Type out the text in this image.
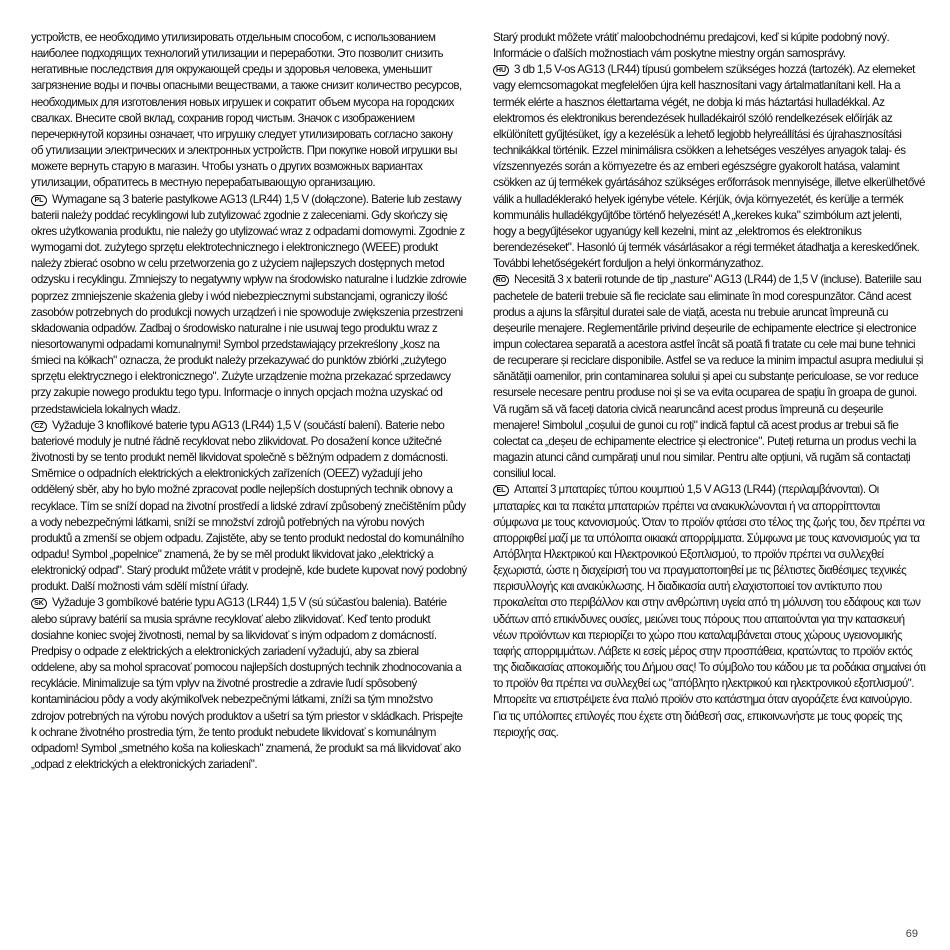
устройств, ее необходимо утилизировать отдельным способом, с использованием наиболее подходящих технологий утилизации и переработки. Это позволит снизить негативные последствия для окружающей среды и здоровья человека, уменьшит загрязнение воды и почвы опасными веществами, а также снизит количество ресурсов, необходимых для изготовления новых игрушек и сократит объем мусора на городских свалках. Внесите свой вклад, сохранив город чистым. Значок с изображением перечеркнутой корзины означает, что игрушку следует утилизировать согласно закону об утилизации электрических и электронных устройств. При покупке новой игрушки вы можете вернуть старую в магазин. Чтобы узнать о других возможных вариантах утилизации, обратитесь в местную перерабатывающую организацию.
PL Wymagane są 3 baterie pastylkowe AG13 (LR44) 1,5 V (dołączone). Baterie lub zestawy baterii należy poddać recyklingowi lub zutylizować zgodnie z zaleceniami. Gdy skończy się okres użytkowania produktu, nie należy go utylizować wraz z odpadami domowymi. Zgodnie z wymogami dot. zużytego sprzętu elektrotechnicznego i elektronicznego (WEEE) produkt należy zbierać osobno w celu przetworzenia go z użyciem najlepszych dostępnych metod odzysku i recyklingu. Zmniejszy to negatywny wpływ na środowisko naturalne i ludzkie zdrowie poprzez zmniejszenie skażenia gleby i wód niebezpiecznymi substancjami, ograniczy ilość zasobów potrzebnych do produkcji nowych urządzeń i nie spowoduje zwiększenia przestrzeni składowania odpadów. Zadbaj o środowisko naturalne i nie usuwaj tego produktu wraz z niesortowanymi odpadami komunalnymi! Symbol przedstawiający przekreślony „kosz na śmieci na kółkach" oznacza, że produkt należy przekazywać do punktów zbiórki „zużytego sprzętu elektrycznego i elektronicznego". Zużyte urządzenie można przekazać sprzedawcy przy zakupie nowego produktu tego typu. Informacje o innych opcjach można uzyskać od przedstawiciela lokalnych władz.
CZ Vyžaduje 3 knoflíkové baterie typu AG13 (LR44) 1,5 V (součástí balení). Baterie nebo bateriové moduly je nutné řádně recyklovat nebo zlikvidovat. Po dosažení konce užitečné životnosti by se tento produkt neměl likvidovat společně s běžným odpadem z domácnosti. Směrnice o odpadních elektrických a elektronických zařízeních (OEEZ) vyžadují jeho oddělený sběr, aby ho bylo možné zpracovat podle nejlepších dostupných technik obnovy a recyklace. Tím se sníží dopad na životní prostředí a lidské zdraví způsobený znečištěním půdy a vody nebezpečnými látkami, sníží se množství zdrojů potřebných na výrobu nových produktů a zmenší se objem odpadu. Zajistěte, aby se tento produkt nedostal do komunálního odpadu! Symbol „popelnice" znamená, že by se měl produkt likvidovat jako „elektrický a elektronický odpad". Starý produkt můžete vrátit v prodejně, kde budete kupovat nový podobný produkt. Další možnosti vám sdělí místní úřady.
SK Vyžaduje 3 gombíkové batérie typu AG13 (LR44) 1,5 V (sú súčasťou balenia). Batérie alebo súpravy batérií sa musia správne recyklovať alebo zlikvidovať. Keď tento produkt dosiahne koniec svojej životnosti, nemal by sa likvidovať s iným odpadom z domácností. Predpisy o odpade z elektrických a elektronických zariadení vyžadujú, aby sa zbieral oddelene, aby sa mohol spracovať pomocou najlepších dostupných technik zhodnocovania a recyklácie. Minimalizuje sa tým vplyv na životné prostredie a zdravie ľudí spôsobený kontamináciou pôdy a vody akýmikoľvek nebezpečnými látkami, zníži sa tým množstvo zdrojov potrebných na výrobu nových produktov a ušetrí sa tým priestor v skládkach. Prispejte k ochrane životného prostredia tým, že tento produkt nebudete likvidovať s komunálnym odpadom! Symbol „smetného koša na kolieskach" znamená, že produkt sa má likvidovať ako „odpad z elektrických a elektronických zariadení".
Starý produkt môžete vrátiť maloobchodnému predajcovi, keď si kúpite podobný nový. Informácie o ďalších možnostiach vám poskytne miestny orgán samosprávy.
HU 3 db 1,5 V-os AG13 (LR44) típusú gombelem szükséges hozzá (tartozék). Az elemeket vagy elemcsomagokat megfelelően újra kell hasznosítani vagy ártalmatlanítani kell. Ha a termék elérte a hasznos élettartama végét, ne dobja ki más háztartási hulladékkal. Az elektromos és elektronikus berendezések hulladékairól szóló rendelkezések előírják az elkülönített gyűjtésüket, így a kezelésük a lehető legjobb helyreállítási és újrahasznosítási technikákkal történik. Ezzel minimálisra csökken a lehetséges veszélyes anyagok talaj- és vízszennyezés során a környezetre és az emberi egészségre gyakorolt hatása, valamint csökken az új termékek gyártásához szükséges erőforrások mennyisége, illetve elkerülhetővé válik a hulladéklerakó helyek igénybe vétele. Kérjük, óvja környezetét, és kerülje a termék kommunális hulladékgyűjtőbe történő helyezését! A „kerekes kuka" szimbólum azt jelenti, hogy a begyűjtésekor ugyanúgy kell kezelni, mint az „elektromos és elektronikus berendezéseket". Hasonló új termék vásárlásakor a régi terméket átadhatja a kereskedőnek. További lehetőségekért forduljon a helyi önkormányzathoz.
RO Necesită 3 x baterii rotunde de tip „nasture" AG13 (LR44) de 1,5 V (incluse). Bateriile sau pachetele de baterii trebuie să fie reciclate sau eliminate în mod corespunzător. Când acest produs a ajuns la sfârșitul duratei sale de viață, acesta nu trebuie aruncat împreună cu deșeurile menajere. Reglementările privind deșeurile de echipamente electrice și electronice impun colectarea separată a acestora astfel încât să poată fi tratate cu cele mai bune tehnici de recuperare și reciclare disponibile. Astfel se va reduce la minim impactul asupra mediului și sănătății oamenilor, prin contaminarea solului și apei cu substanțe periculoase, se vor reduce resursele necesare pentru produse noi și se va evita ocuparea de spațiu în groapa de gunoi. Vă rugăm să vă faceți datoria civică nearuncând acest produs împreună cu deșeurile menajere! Simbolul „coșului de gunoi cu roți" indică faptul că acest produs ar trebui să fie colectat ca „deșeu de echipamente electrice și electronice". Puteți returna un produs vechi la magazin atunci când cumpărați unul nou similar. Pentru alte opțiuni, vă rugăm să contactați consiliul local.
EL Απαιτεί 3 μπαταρίες τύπου κουμπιού 1,5 V AG13 (LR44) (περιλαμβάνονται). Οι μπαταρίες και τα πακέτα μπαταριών πρέπει να ανακυκλώνονται ή να απορρίπτονται σύμφωνα με τους κανονισμούς. Όταν το προϊόν φτάσει στο τέλος της ζωής του, δεν πρέπει να απορριφθεί μαζί με τα υπόλοιπα οικιακά απορρίμματα. Σύμφωνα με τους κανονισμούς για τα Απόβλητα Ηλεκτρικού και Ηλεκτρονικού Εξοπλισμού, το προϊόν πρέπει να συλλεχθεί ξεχωριστά, ώστε η διαχείρισή του να πραγματοποιηθεί με τις βέλτιστες διαθέσιμες τεχνικές περισυλλογής και ανακύκλωσης. Η διαδικασία αυτή ελαχιστοποιεί τον αντίκτυπο που προκαλείται στο περιβάλλον και στην ανθρώπινη υγεία από τη μόλυνση του εδάφους και των υδάτων από επικίνδυνες ουσίες, μειώνει τους πόρους που απαιτούνται για την κατασκευή νέων προϊόντων και περιορίζει το χώρο που καταλαμβάνεται στους χώρους υγειονομικής ταφής απορριμμάτων. Λάβετε κι εσείς μέρος στην προσπάθεια, κρατώντας το προϊόν εκτός της διαδικασίας αποκομιδής του Δήμου σας! Το σύμβολο του κάδου με τα ροδάκια σημαίνει ότι το προϊόν θα πρέπει να συλλεχθεί ως "απόβλητο ηλεκτρικού και ηλεκτρονικού εξοπλισμού". Μπορείτε να επιστρέψετε ένα παλιό προϊόν στο κατάστημα όταν αγοράζετε ένα καινούργιο. Για τις υπόλοιπες επιλογές που έχετε στη διάθεσή σας, επικοινωνήστε με τους φορείς της περιοχής σας.
69
